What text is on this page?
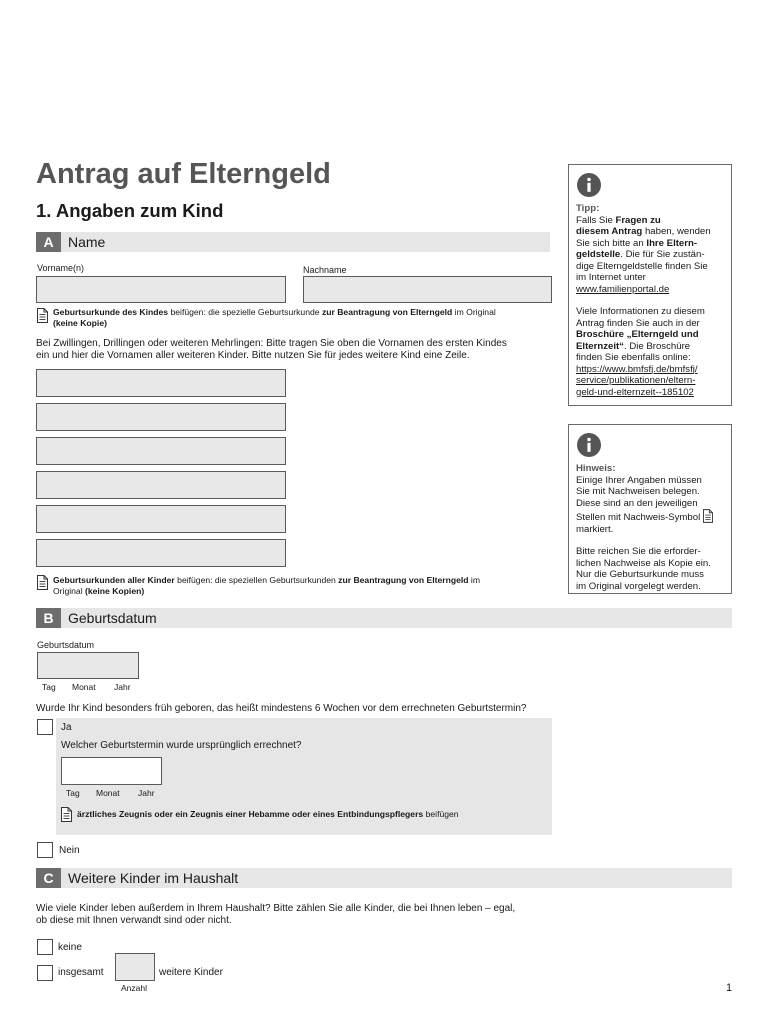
Antrag auf Elterngeld
1. Angaben zum Kind
A	Name
Vorname(n)	Nachname
Geburtsurkunde des Kindes beifügen: die spezielle Geburtsurkunde zur Beantragung von Elterngeld im Original
(keine Kopie)
Bei Zwillingen, Drillingen oder weiteren Mehrlingen: Bitte tragen Sie oben die Vornamen des ersten Kindes
ein und hier die Vornamen aller weiteren Kinder. Bitte nutzen Sie für jedes weitere Kind eine Zeile.
Geburtsurkunden aller Kinder beifügen: die speziellen Geburtsurkunden zur Beantragung von Elterngeld im
Original (keine Kopien)
Tipp:
Falls Sie Fragen zu
diesem Antrag haben, wenden
Sie sich bitte an Ihre Eltern-
geldstelle. Die für Sie zustän-
dige Elterngeldstelle finden Sie
im Internet unter
www.familienportal.de
Viele Informationen zu diesem
Antrag finden Sie auch in der
Broschüre „Elterngeld und
Elternzeit“. Die Broschüre
finden Sie ebenfalls online:
https://www.bmfsfj.de/bmfsfj/
service/publikationen/eltern-
geld-und-elternzeit--185102
Hinweis:
Einige Ihrer Angaben müssen
Sie mit Nachweisen belegen.
Diese sind an den jeweiligen
Stellen mit Nachweis-Symbol
markiert.
Bitte reichen Sie die erforder-
lichen Nachweise als Kopie ein.
Nur die Geburtsurkunde muss
im Original vorgelegt werden.
B	Geburtsdatum
Geburtsdatum
Tag Monat Jahr
Wurde Ihr Kind besonders früh geboren, das heißt mindestens 6 Wochen vor dem errechneten Geburtstermin?
Ja
Welcher Geburtstermin wurde ursprünglich errechnet?
Tag Monat Jahr
ärztliches Zeugnis oder ein Zeugnis einer Hebamme oder eines Entbindungspflegers beifügen
Nein
C	Weitere Kinder im Haushalt
Wie viele Kinder leben außerdem in Ihrem Haushalt? Bitte zählen Sie alle Kinder, die bei Ihnen leben – egal,
ob diese mit Ihnen verwandt sind oder nicht.
keine
insgesamt	weitere Kinder
Anzahl	1
